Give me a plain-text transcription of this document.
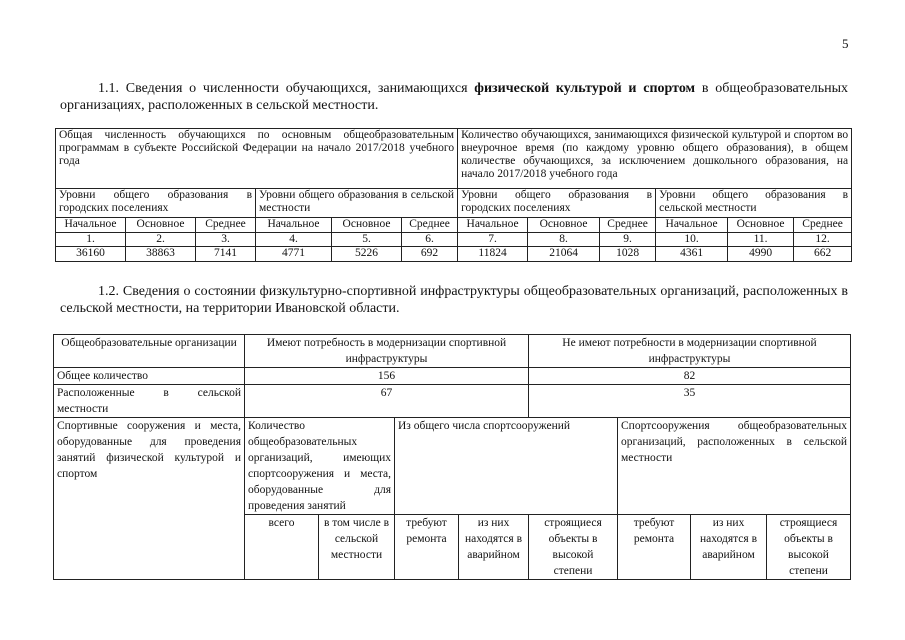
5
1.1. Сведения о численности обучающихся, занимающихся физической культурой и спортом в общеобразовательных организациях, расположенных в сельской местности.
Общая численность обучающихся по основным общеобразовательным программам в субъекте Российской Федерации на начало 2017/2018 учебного года						Количество обучающихся, занимающихся физической культурой и спортом во внеурочное время (по каждому уровню общего образования), в общем количестве обучающихся, за исключением дошкольного образования, на начало 2017/2018 учебного года					
Уровни общего образования в городских поселениях			Уровни общего образования в сельской местности			Уровни общего образования в городских поселениях			Уровни общего образования в сельской местности		
Начальное	Основное	Среднее	Начальное	Основное	Среднее	Начальное	Основное	Среднее	Начальное	Основное	Среднее
1.	2.	3.	4.	5.	6.	7.	8.	9.	10.	11.	12.
36160	38863	7141	4771	5226	692	11824	21064	1028	4361	4990	662
1.2. Сведения о состоянии физкультурно-спортивной инфраструктуры общеобразовательных организаций, расположенных в сельской местности, на территории Ивановской области.
Общеобразовательные организации	Имеют потребность в модернизации спортивной инфраструктуры				Не имеют потребности в модернизации спортивной инфраструктуры			
Общее количество	156				82			
Расположенные в сельской местности	67				35			
Спортивные сооружения и места, оборудованные для проведения занятий физической культурой и спортом	Количество общеобразовательных организаций, имеющих спортсооружения и места, оборудованные для проведения занятий		Из общего числа спортсооружений			Спортсооружения общеобразовательных организаций, расположенных в сельской местности		
	всего	в том числе в сельской местности	требуют ремонта	из них находятся в аварийном	строящиеся объекты в высокой степени	требуют ремонта	из них находятся в аварийном	строящиеся объекты в высокой степени
